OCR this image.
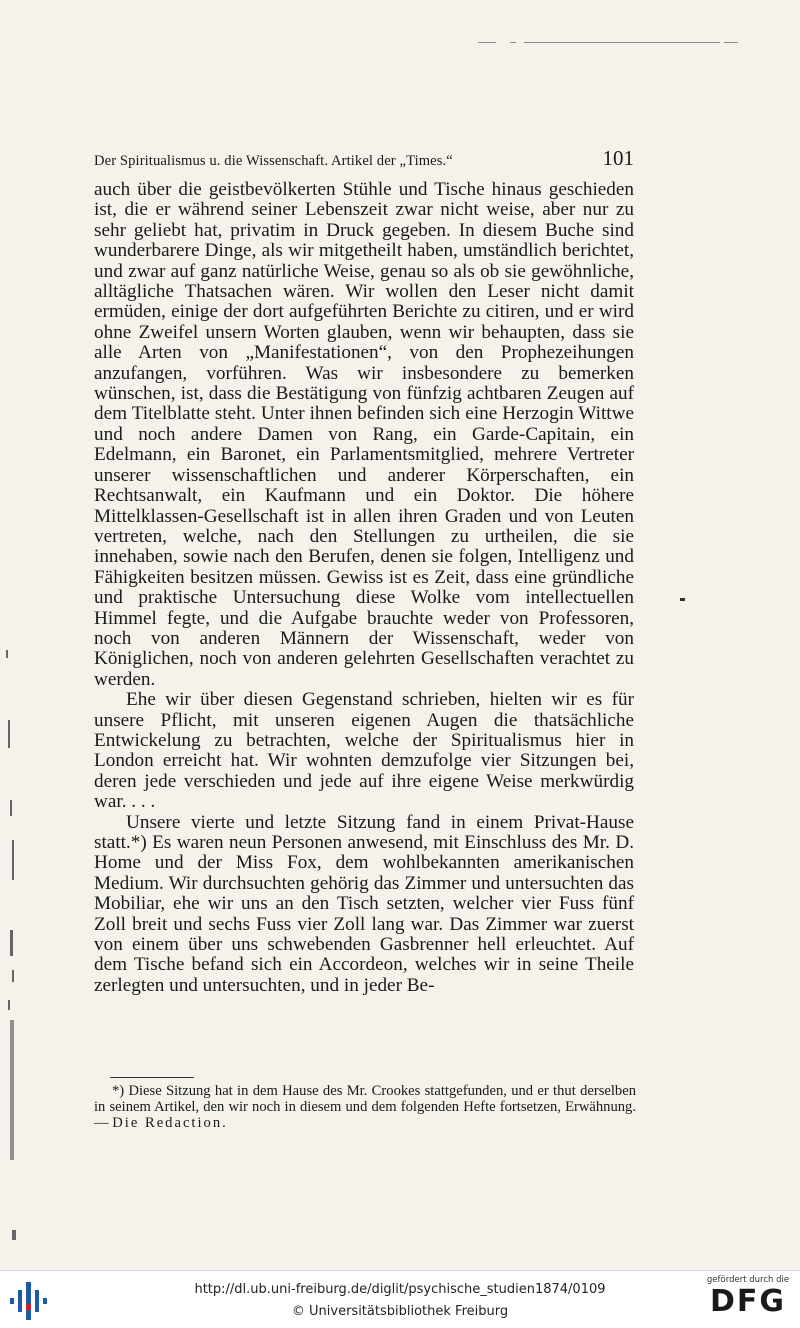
Der Spiritualismus u. die Wissenschaft. Artikel der „Times.“	101

auch über die geistbevölkerten Stühle und Tische hinaus geschieden ist, die er während seiner Lebenszeit zwar nicht weise, aber nur zu sehr geliebt hat, privatim in Druck gegeben. In diesem Buche sind wunderbarere Dinge, als wir mitgetheilt haben, umständlich berichtet, und zwar auf ganz natürliche Weise, genau so als ob sie gewöhnliche, alltägliche Thatsachen wären. Wir wollen den Leser nicht damit ermüden, einige der dort aufgeführten Berichte zu citiren, und er wird ohne Zweifel unsern Worten glauben, wenn wir behaupten, dass sie alle Arten von „Manifestationen“, von den Prophezeihungen anzufangen, vorführen. Was wir insbesondere zu bemerken wünschen, ist, dass die Bestätigung von fünfzig achtbaren Zeugen auf dem Titelblatte steht. Unter ihnen befinden sich eine Herzogin Wittwe und noch andere Damen von Rang, ein Garde-Capitain, ein Edelmann, ein Baronet, ein Parlamentsmitglied, mehrere Vertreter unserer wissenschaftlichen und anderer Körperschaften, ein Rechtsanwalt, ein Kaufmann und ein Doktor. Die höhere Mittelklassen-Gesellschaft ist in allen ihren Graden und von Leuten vertreten, welche, nach den Stellungen zu urtheilen, die sie innehaben, sowie nach den Berufen, denen sie folgen, Intelligenz und Fähigkeiten besitzen müssen. Gewiss ist es Zeit, dass eine gründliche und praktische Untersuchung diese Wolke vom intellectuellen Himmel fegte, und die Aufgabe brauchte weder von Professoren, noch von anderen Männern der Wissenschaft, weder von Königlichen, noch von anderen gelehrten Gesellschaften verachtet zu werden.

Ehe wir über diesen Gegenstand schrieben, hielten wir es für unsere Pflicht, mit unseren eigenen Augen die thatsächliche Entwickelung zu betrachten, welche der Spiritualismus hier in London erreicht hat. Wir wohnten demzufolge vier Sitzungen bei, deren jede verschieden und jede auf ihre eigene Weise merkwürdig war. . . .

Unsere vierte und letzte Sitzung fand in einem Privat-Hause statt.*) Es waren neun Personen anwesend, mit Einschluss des Mr. D. Home und der Miss Fox, dem wohlbekannten amerikanischen Medium. Wir durchsuchten gehörig das Zimmer und untersuchten das Mobiliar, ehe wir uns an den Tisch setzten, welcher vier Fuss fünf Zoll breit und sechs Fuss vier Zoll lang war. Das Zimmer war zuerst von einem über uns schwebenden Gasbrenner hell erleuchtet. Auf dem Tische befand sich ein Accordeon, welches wir in seine Theile zerlegten und untersuchten, und in jeder Be-

*) Diese Sitzung hat in dem Hause des Mr. Crookes stattgefunden, und er thut derselben in seinem Artikel, den wir noch in diesem und dem folgenden Hefte fortsetzen, Erwähnung. — Die Redaction.
http://dl.ub.uni-freiburg.de/diglit/psychische_studien1874/0109
© Universitätsbibliothek Freiburg
gefördert durch die
DFG
